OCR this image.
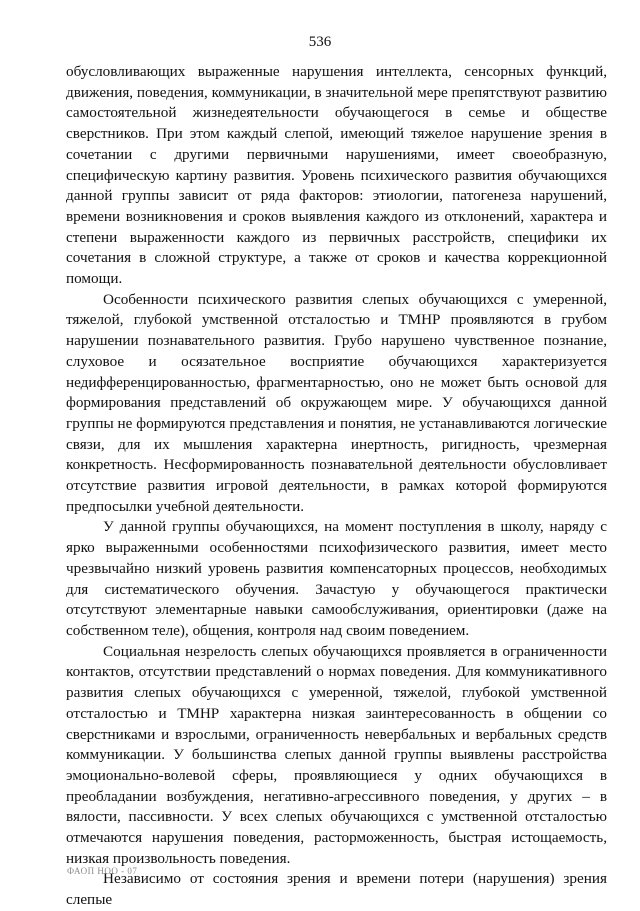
536

обусловливающих выраженные нарушения интеллекта, сенсорных функций, движения, поведения, коммуникации, в значительной мере препятствуют развитию самостоятельной жизнедеятельности обучающегося в семье и обществе сверстников. При этом каждый слепой, имеющий тяжелое нарушение зрения в сочетании с другими первичными нарушениями, имеет своеобразную, специфическую картину развития. Уровень психического развития обучающихся данной группы зависит от ряда факторов: этиологии, патогенеза нарушений, времени возникновения и сроков выявления каждого из отклонений, характера и степени выраженности каждого из первичных расстройств, специфики их сочетания в сложной структуре, а также от сроков и качества коррекционной помощи.

Особенности психического развития слепых обучающихся с умеренной, тяжелой, глубокой умственной отсталостью и ТМНР проявляются в грубом нарушении познавательного развития. Грубо нарушено чувственное познание, слуховое и осязательное восприятие обучающихся характеризуется недифференцированностью, фрагментарностью, оно не может быть основой для формирования представлений об окружающем мире. У обучающихся данной группы не формируются представления и понятия, не устанавливаются логические связи, для их мышления характерна инертность, ригидность, чрезмерная конкретность. Несформированность познавательной деятельности обусловливает отсутствие развития игровой деятельности, в рамках которой формируются предпосылки учебной деятельности.

У данной группы обучающихся, на момент поступления в школу, наряду с ярко выраженными особенностями психофизического развития, имеет место чрезвычайно низкий уровень развития компенсаторных процессов, необходимых для систематического обучения. Зачастую у обучающегося практически отсутствуют элементарные навыки самообслуживания, ориентировки (даже на собственном теле), общения, контроля над своим поведением.

Социальная незрелость слепых обучающихся проявляется в ограниченности контактов, отсутствии представлений о нормах поведения. Для коммуникативного развития слепых обучающихся с умеренной, тяжелой, глубокой умственной отсталостью и ТМНР характерна низкая заинтересованность в общении со сверстниками и взрослыми, ограниченность невербальных и вербальных средств коммуникации. У большинства слепых данной группы выявлены расстройства эмоционально-волевой сферы, проявляющиеся у одних обучающихся в преобладании возбуждения, негативно-агрессивного поведения, у других – в вялости, пассивности. У всех слепых обучающихся с умственной отсталостью отмечаются нарушения поведения, расторможенность, быстрая истощаемость, низкая произвольность поведения.

Независимо от состояния зрения и времени потери (нарушения) зрения слепые

ФАОП НОО - 07
